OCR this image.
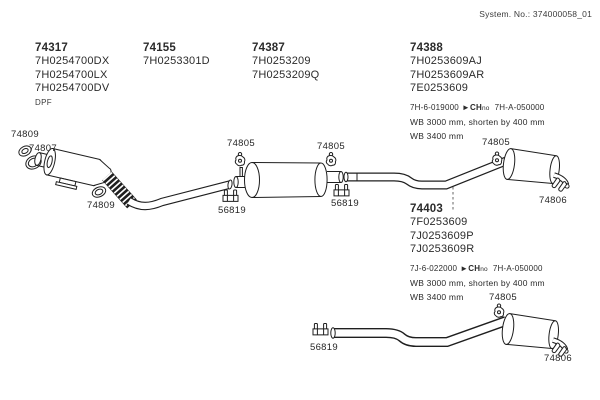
System. No.: 374000058_01
74317
7H0254700DX
7H0254700LX
7H0254700DV
DPF
74155
7H0253301D
74387
7H0253209
7H0253209Q
74388
7H0253609AJ
7H0253609AR
7E0253609
7H-6-019000 ►CHno 7H-A-050000
WB 3000 mm, shorten by 400 mm
WB 3400 mm
74403
7F0253609
7J0253609P
7J0253609R
7J-6-022000 ►CHno 7H-A-050000
WB 3000 mm, shorten by 400 mm
WB 3400 mm
74809
74807
74809
74805
56819
74805
56819
74805
74806
56819
74805
74806
